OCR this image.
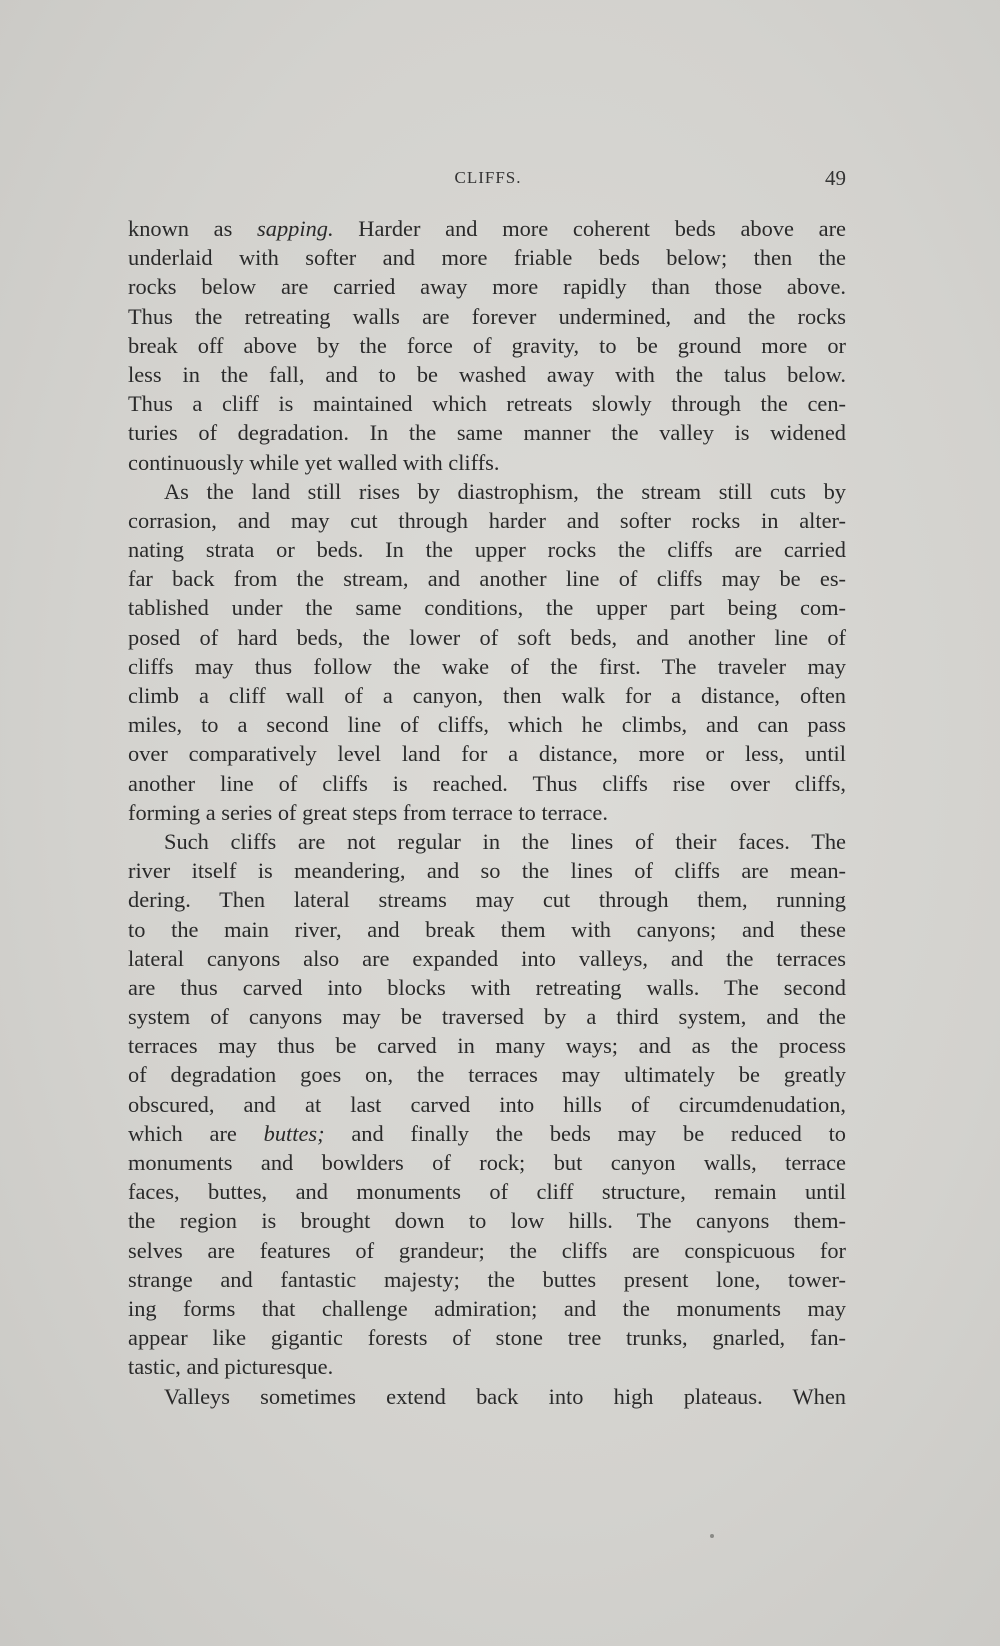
CLIFFS.	49
known as sapping. Harder and more coherent beds above are
underlaid with softer and more friable beds below; then the
rocks below are carried away more rapidly than those above.
Thus the retreating walls are forever undermined, and the rocks
break off above by the force of gravity, to be ground more or
less in the fall, and to be washed away with the talus below.
Thus a cliff is maintained which retreats slowly through the cen-
turies of degradation. In the same manner the valley is widened
continuously while yet walled with cliffs.
As the land still rises by diastrophism, the stream still cuts by
corrasion, and may cut through harder and softer rocks in alter-
nating strata or beds. In the upper rocks the cliffs are carried
far back from the stream, and another line of cliffs may be es-
tablished under the same conditions, the upper part being com-
posed of hard beds, the lower of soft beds, and another line of
cliffs may thus follow the wake of the first. The traveler may
climb a cliff wall of a canyon, then walk for a distance, often
miles, to a second line of cliffs, which he climbs, and can pass
over comparatively level land for a distance, more or less, until
another line of cliffs is reached. Thus cliffs rise over cliffs,
forming a series of great steps from terrace to terrace.
Such cliffs are not regular in the lines of their faces. The
river itself is meandering, and so the lines of cliffs are mean-
dering. Then lateral streams may cut through them, running
to the main river, and break them with canyons; and these
lateral canyons also are expanded into valleys, and the terraces
are thus carved into blocks with retreating walls. The second
system of canyons may be traversed by a third system, and the
terraces may thus be carved in many ways; and as the process
of degradation goes on, the terraces may ultimately be greatly
obscured, and at last carved into hills of circumdenudation,
which are buttes; and finally the beds may be reduced to
monuments and bowlders of rock; but canyon walls, terrace
faces, buttes, and monuments of cliff structure, remain until
the region is brought down to low hills. The canyons them-
selves are features of grandeur; the cliffs are conspicuous for
strange and fantastic majesty; the buttes present lone, tower-
ing forms that challenge admiration; and the monuments may
appear like gigantic forests of stone tree trunks, gnarled, fan-
tastic, and picturesque.
Valleys sometimes extend back into high plateaus. When
